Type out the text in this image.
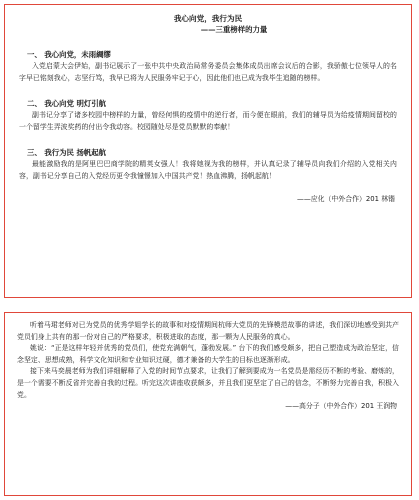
我心向党，我行为民

——三重榜样的力量

一、 我心向党，未雨綢缪

入党启蒙大会伊始，副书记展示了一张中共中央政治局常务委员会集体成员出席会议后的合影，我骄傲七位领导人的名字早已铭刻我心，志坚行笃，我早已将为人民服务牢记于心，因此他们也已成为我毕生追随的榜样。

二、 我心向党 明灯引航

副书记分享了诸多校园中榜样的力量，曾经何惧的疫情中的逆行者，而今便在眼前，我们的辅导员为给疫情期间留校的一个留学生弄波奖药的付出令我动容。校园随处尽是党员默默的奉献！

三、 我行为民 扬帆起航

最能激励我的是阿里巴巴商学院的精英女强人！我将她视为我的榜样，并认真记录了辅导员向我们介绍的入党相关内容，副书记分享自己的入党经历更令我憧憬加入中国共产党！热血沸腾，扬帆起航！

——应化（中外合作）201 林锴

听着马珺老师对已为党员的优秀学姐学长的故事和对疫情期间杭师大党员的先锋模范故事的讲述，我们深切地感受到共产党员们身上共有的那一份对自己的严格要求，积极进取的态度，那一颗为人民服务的真心。

姚说：“正是这样年轻并优秀的党员们，使党充满朝气，蓬勃发展。” 台下的我们感受颇多，把自己塑造成为政治坚定，信念坚定、思想成熟，科学文化知识和专业知识过硬，德才兼备的大学生的目标也逐渐形成。

接下来马奕晨老师为我们详细解释了入党的时间节点要求，让我们了解到要成为一名党员是需经历不断的考验、磨炼的，是一个需要不断反省并完善自我的过程。听完这次讲座收获颇多，并且我们更坚定了自己的信念，不断努力完善自我，积极入党。

——高分子（中外合作）201 王润物
